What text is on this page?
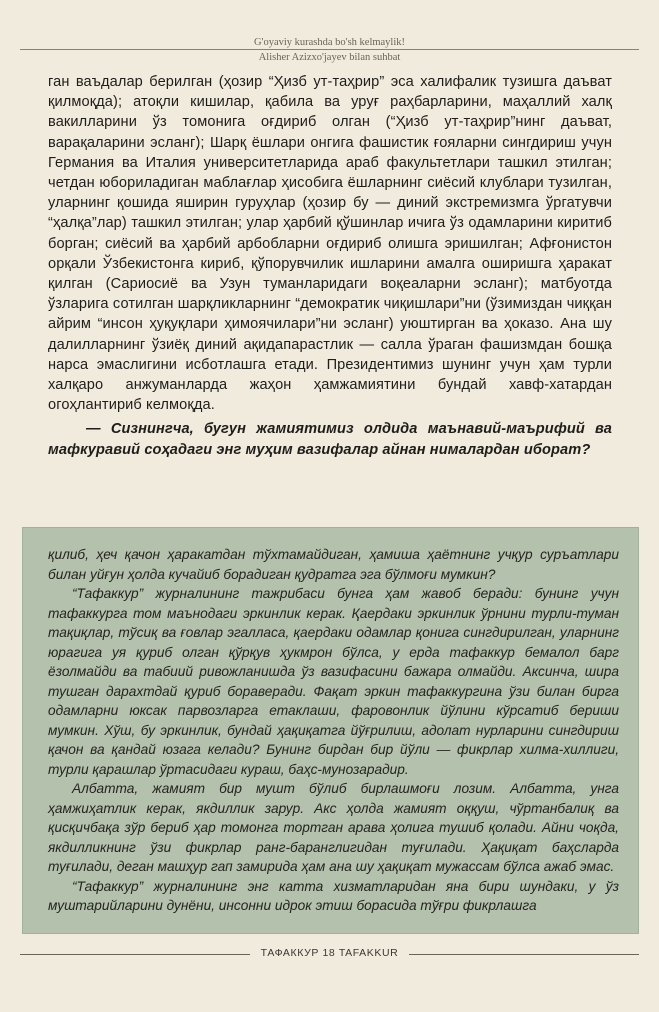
G'oyaviy kurashda bo'sh kelmaylik!
Alisher Azizxo'jayev bilan suhbat

ган ваъдалар берилган (ҳозир “Ҳизб ут-таҳрир” эса халифалик тузишга даъват қилмоқда); атоқли кишилар, қабила ва уруғ раҳбарларини, маҳаллий халқ вакилларини ўз томонига оғдириб олган (“Ҳизб ут-таҳрир”нинг даъват, варақаларини эсланг); Шарқ ёшлари онгига фашистик ғояларни сингдириш учун Германия ва Италия университетларида араб факультетлари ташкил этилган; четдан юбориладиган маблағлар ҳисобига ёшларнинг сиёсий клублари тузилган, уларнинг қошида яширин гуруҳлар (ҳозир бу — диний экстремизмга ўргатувчи “ҳалқа”лар) ташкил этилган; улар ҳарбий қўшинлар ичига ўз одамларини киритиб борган; сиёсий ва ҳарбий арбобларни оғдириб олишга эришилган; Афғонистон орқали Ўзбекистонга кириб, қўпорувчилик ишларини амалга оширишга ҳаракат қилган (Сариосиё ва Узун туманларидаги воқеаларни эсланг); матбуотда ўзларига сотилган шарқликларнинг “демократик чиқишлари”ни (ўзимиздан чиққан айрим “инсон ҳуқуқлари ҳимоячилари”ни эсланг) уюштирган ва ҳоказо. Ана шу далилларнинг ўзиёқ диний ақидапарастлик — салла ўраган фашизмдан бошқа нарса эмаслигини исботлашга етади. Президентимиз шунинг учун ҳам турли халқаро анжуманларда жаҳон ҳамжамиятини бундай хавф-хатардан огоҳлантириб келмоқда.

— Сизнингча, бугун жамиятимиз олдида маънавий-маърифий ва мафкуравий соҳадаги энг муҳим вазифалар айнан нималардан иборат?

қилиб, ҳеч қачон ҳаракатдан тўхтамайдиган, ҳамиша ҳаётнинг учқур суръатлари билан уйғун ҳолда кучайиб борадиган қудратга эга бўлмоғи мумкин?

“Тафаккур” журналининг тажрибаси бунга ҳам жавоб беради: бунинг учун тафаккурга том маънодаги эркинлик керак. Қаердаки эркинлик ўрнини турли-туман тақиқлар, тўсиқ ва ғовлар эгалласа, қаердаки одамлар қонига сингдирилган, уларнинг юрагига уя қуриб олган қўрқув ҳукмрон бўлса, у ерда тафаккур бемалол барг ёзолмайди ва табиий ривожланишда ўз вазифасини бажара олмайди. Аксинча, шира тушган дарахтдай қуриб бораверади. Фақат эркин тафаккургина ўзи билан бирга одамларни юксак парвозларга етаклаши, фаровонлик йўлини кўрсатиб бериши мумкин. Хўш, бу эркинлик, бундай ҳақиқатга йўғрилиш, адолат нурларини сингдириш қачон ва қандай юзага келади? Бунинг бирдан бир йўли — фикрлар хилма-хиллиги, турли қарашлар ўртасидаги кураш, баҳс-мунозарадир.

Албатта, жамият бир мушт бўлиб бирлашмоғи лозим. Албатта, унга ҳамжиҳатлик керак, якдиллик зарур. Акс ҳолда жамият оққуш, чўртанбалиқ ва қисқичбақа зўр бериб ҳар томонга тортган арава ҳолига тушиб қолади. Айни чоқда, якдилликнинг ўзи фикрлар ранг-баранглигидан туғилади. Ҳақиқат баҳсларда туғилади, деган машҳур гап замирида ҳам ана шу ҳақиқат мужассам бўлса ажаб эмас.

“Тафаккур” журналининг энг катта хизматларидан яна бири шундаки, у ўз муштарийларини дунёни, инсонни идрок этиш борасида тўғри фикрлашга

ТАФАККУР 18 TAFAKKUR
